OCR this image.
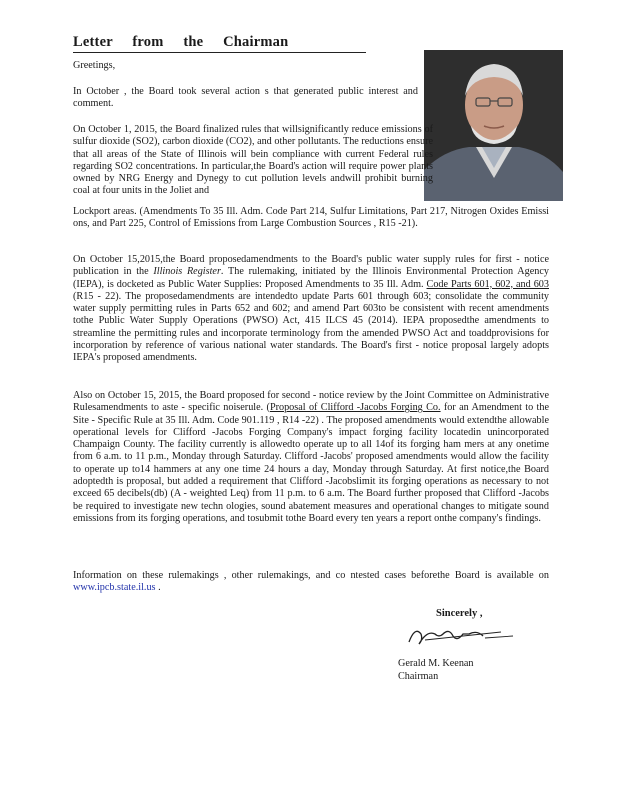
Letter from the Chairman
Greetings,

In October , the Board took several action s that generated public interest and comment.

On October 1, 2015, the Board finalized rules that willsignificantly reduce emissions of sulfur dioxide (SO2), carbon dioxide (CO2), and other pollutants. The reductions ensure that all areas of the State of Illinois will bein compliance with current Federal rules regarding SO2 concentrations. In particular,the Board's action will require power plants owned by NRG Energy and Dynegy to cut pollution levels andwill prohibit burning coal at four units in the Joliet and

Lockport areas. (Amendments To 35 Ill. Adm. Code Part 214, Sulfur Limitations, Part 217, Nitrogen Oxides Emissi ons, and Part 225, Control of Emissions from Large Combustion Sources , R15 -21).

On October 15,2015,the Board proposedamendments to the Board's public water supply rules for first - notice publication in the Illinois Register. The rulemaking, initiated by the Illinois Environmental Protection Agency (IEPA), is docketed as Public Water Supplies: Proposed Amendments to 35 Ill. Adm. Code Parts 601, 602, and 603 (R15 - 22). The proposedamendments are intendedto update Parts 601 through 603; consolidate the community water supply permitting rules in Parts 652 and 602; and amend Part 603to be consistent with recent amendments tothe Public Water Supply Operations (PWSO) Act, 415 ILCS 45 (2014). IEPA proposedthe amendments to streamline the permitting rules and incorporate terminology from the amended PWSO Act and toaddprovisions for incorporation by reference of various national water standards. The Board's first - notice proposal largely adopts IEPA's proposed amendments.

Also on October 15, 2015, the Board proposed for second - notice review by the Joint Committee on Administrative Rulesamendments to aste - specific noiserule. (Proposal of Clifford -Jacobs Forging Co. for an Amendment to the Site - Specific Rule at 35 Ill. Adm. Code 901.119 , R14 -22) . The proposed amendments would extendthe allowable operational levels for Clifford -Jacobs Forging Company's impact forging facility locatedin unincorporated Champaign County. The facility currently is allowedto operate up to all 14of its forging ham mers at any onetime from 6 a.m. to 11 p.m., Monday through Saturday. Clifford -Jacobs' proposed amendments would allow the facility to operate up to14 hammers at any one time 24 hours a day, Monday through Saturday. At first notice,the Board adoptedth is proposal, but added a requirement that Clifford -Jacobslimit its forging operations as necessary to not exceed 65 decibels(db) (A - weighted Leq) from 11 p.m. to 6 a.m. The Board further proposed that Clifford -Jacobs be required to investigate new techn ologies, sound abatement measures and operational changes to mitigate sound emissions from its forging operations, and tosubmit tothe Board every ten years a report onthe company's findings.

Information on these rulemakings , other rulemakings, and co ntested cases beforethe Board is available on www.ipcb.state.il.us .

Sincerely ,
Gerald M. Keenan
Chairman
